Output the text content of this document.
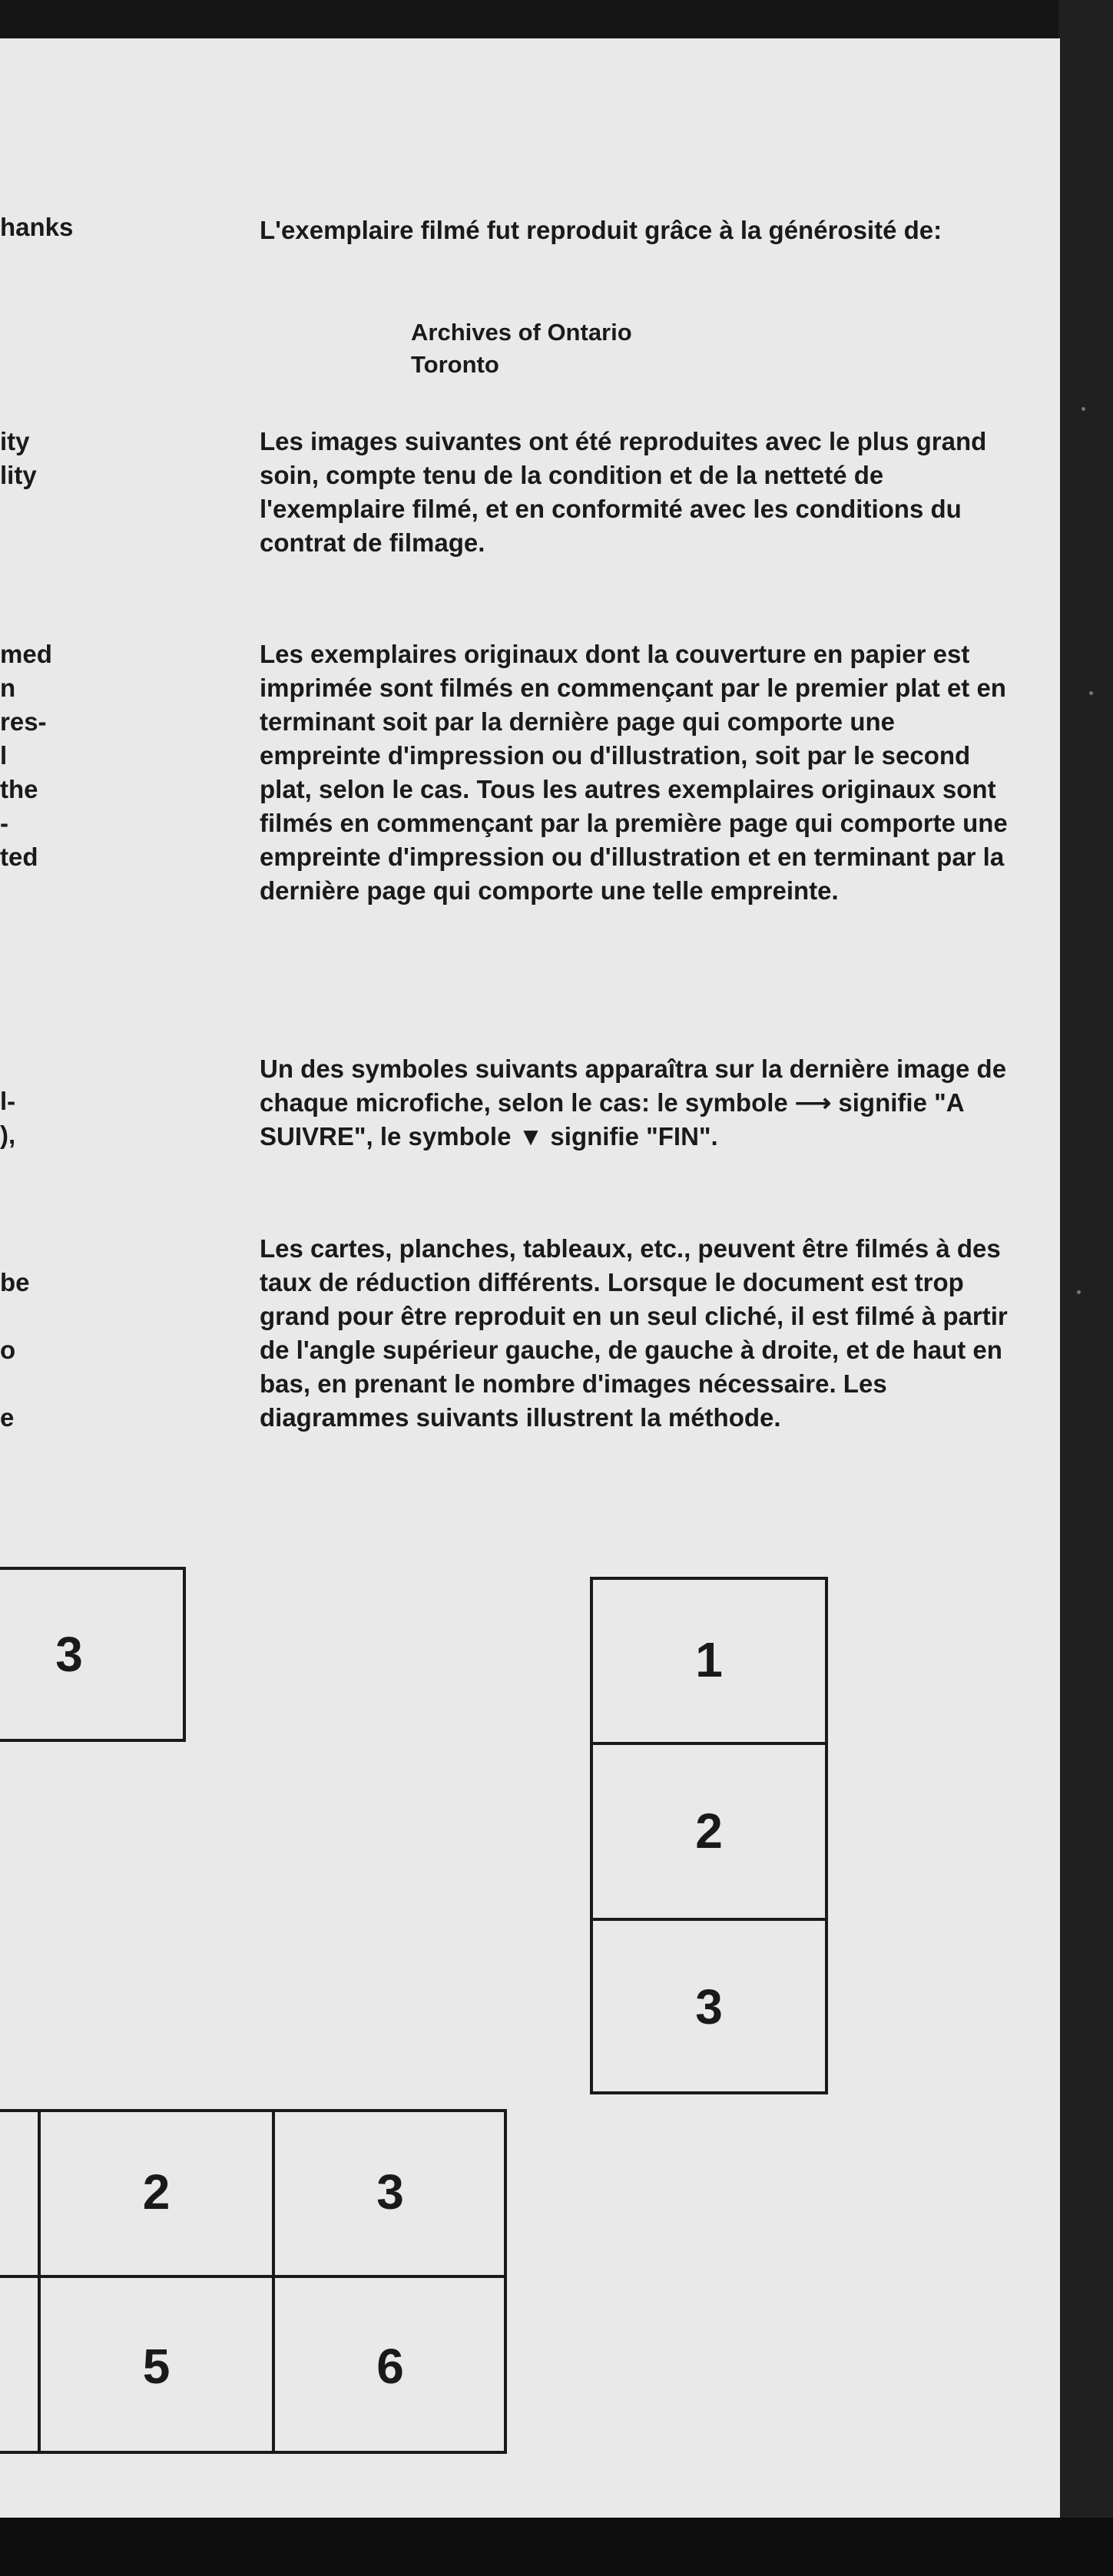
hanks
ity
lity
med
n
res-
l
the
-
ted
l-
),
be
o
e

L'exemplaire filmé fut reproduit grâce à la générosité de:

Archives of Ontario
Toronto

Les images suivantes ont été reproduites avec le plus grand soin, compte tenu de la condition et de la netteté de l'exemplaire filmé, et en conformité avec les conditions du contrat de filmage.

Les exemplaires originaux dont la couverture en papier est imprimée sont filmés en commençant par le premier plat et en terminant soit par la dernière page qui comporte une empreinte d'impression ou d'illustration, soit par le second plat, selon le cas. Tous les autres exemplaires originaux sont filmés en commençant par la première page qui comporte une empreinte d'impression ou d'illustration et en terminant par la dernière page qui comporte une telle empreinte.

Un des symboles suivants apparaîtra sur la dernière image de chaque microfiche, selon le cas: le symbole ⟶ signifie "A SUIVRE", le symbole ▼ signifie "FIN".

Les cartes, planches, tableaux, etc., peuvent être filmés à des taux de réduction différents. Lorsque le document est trop grand pour être reproduit en un seul cliché, il est filmé à partir de l'angle supérieur gauche, de gauche à droite, et de haut en bas, en prenant le nombre d'images nécessaire. Les diagrammes suivants illustrent la méthode.

3	1
2
3
2	3
5	6
